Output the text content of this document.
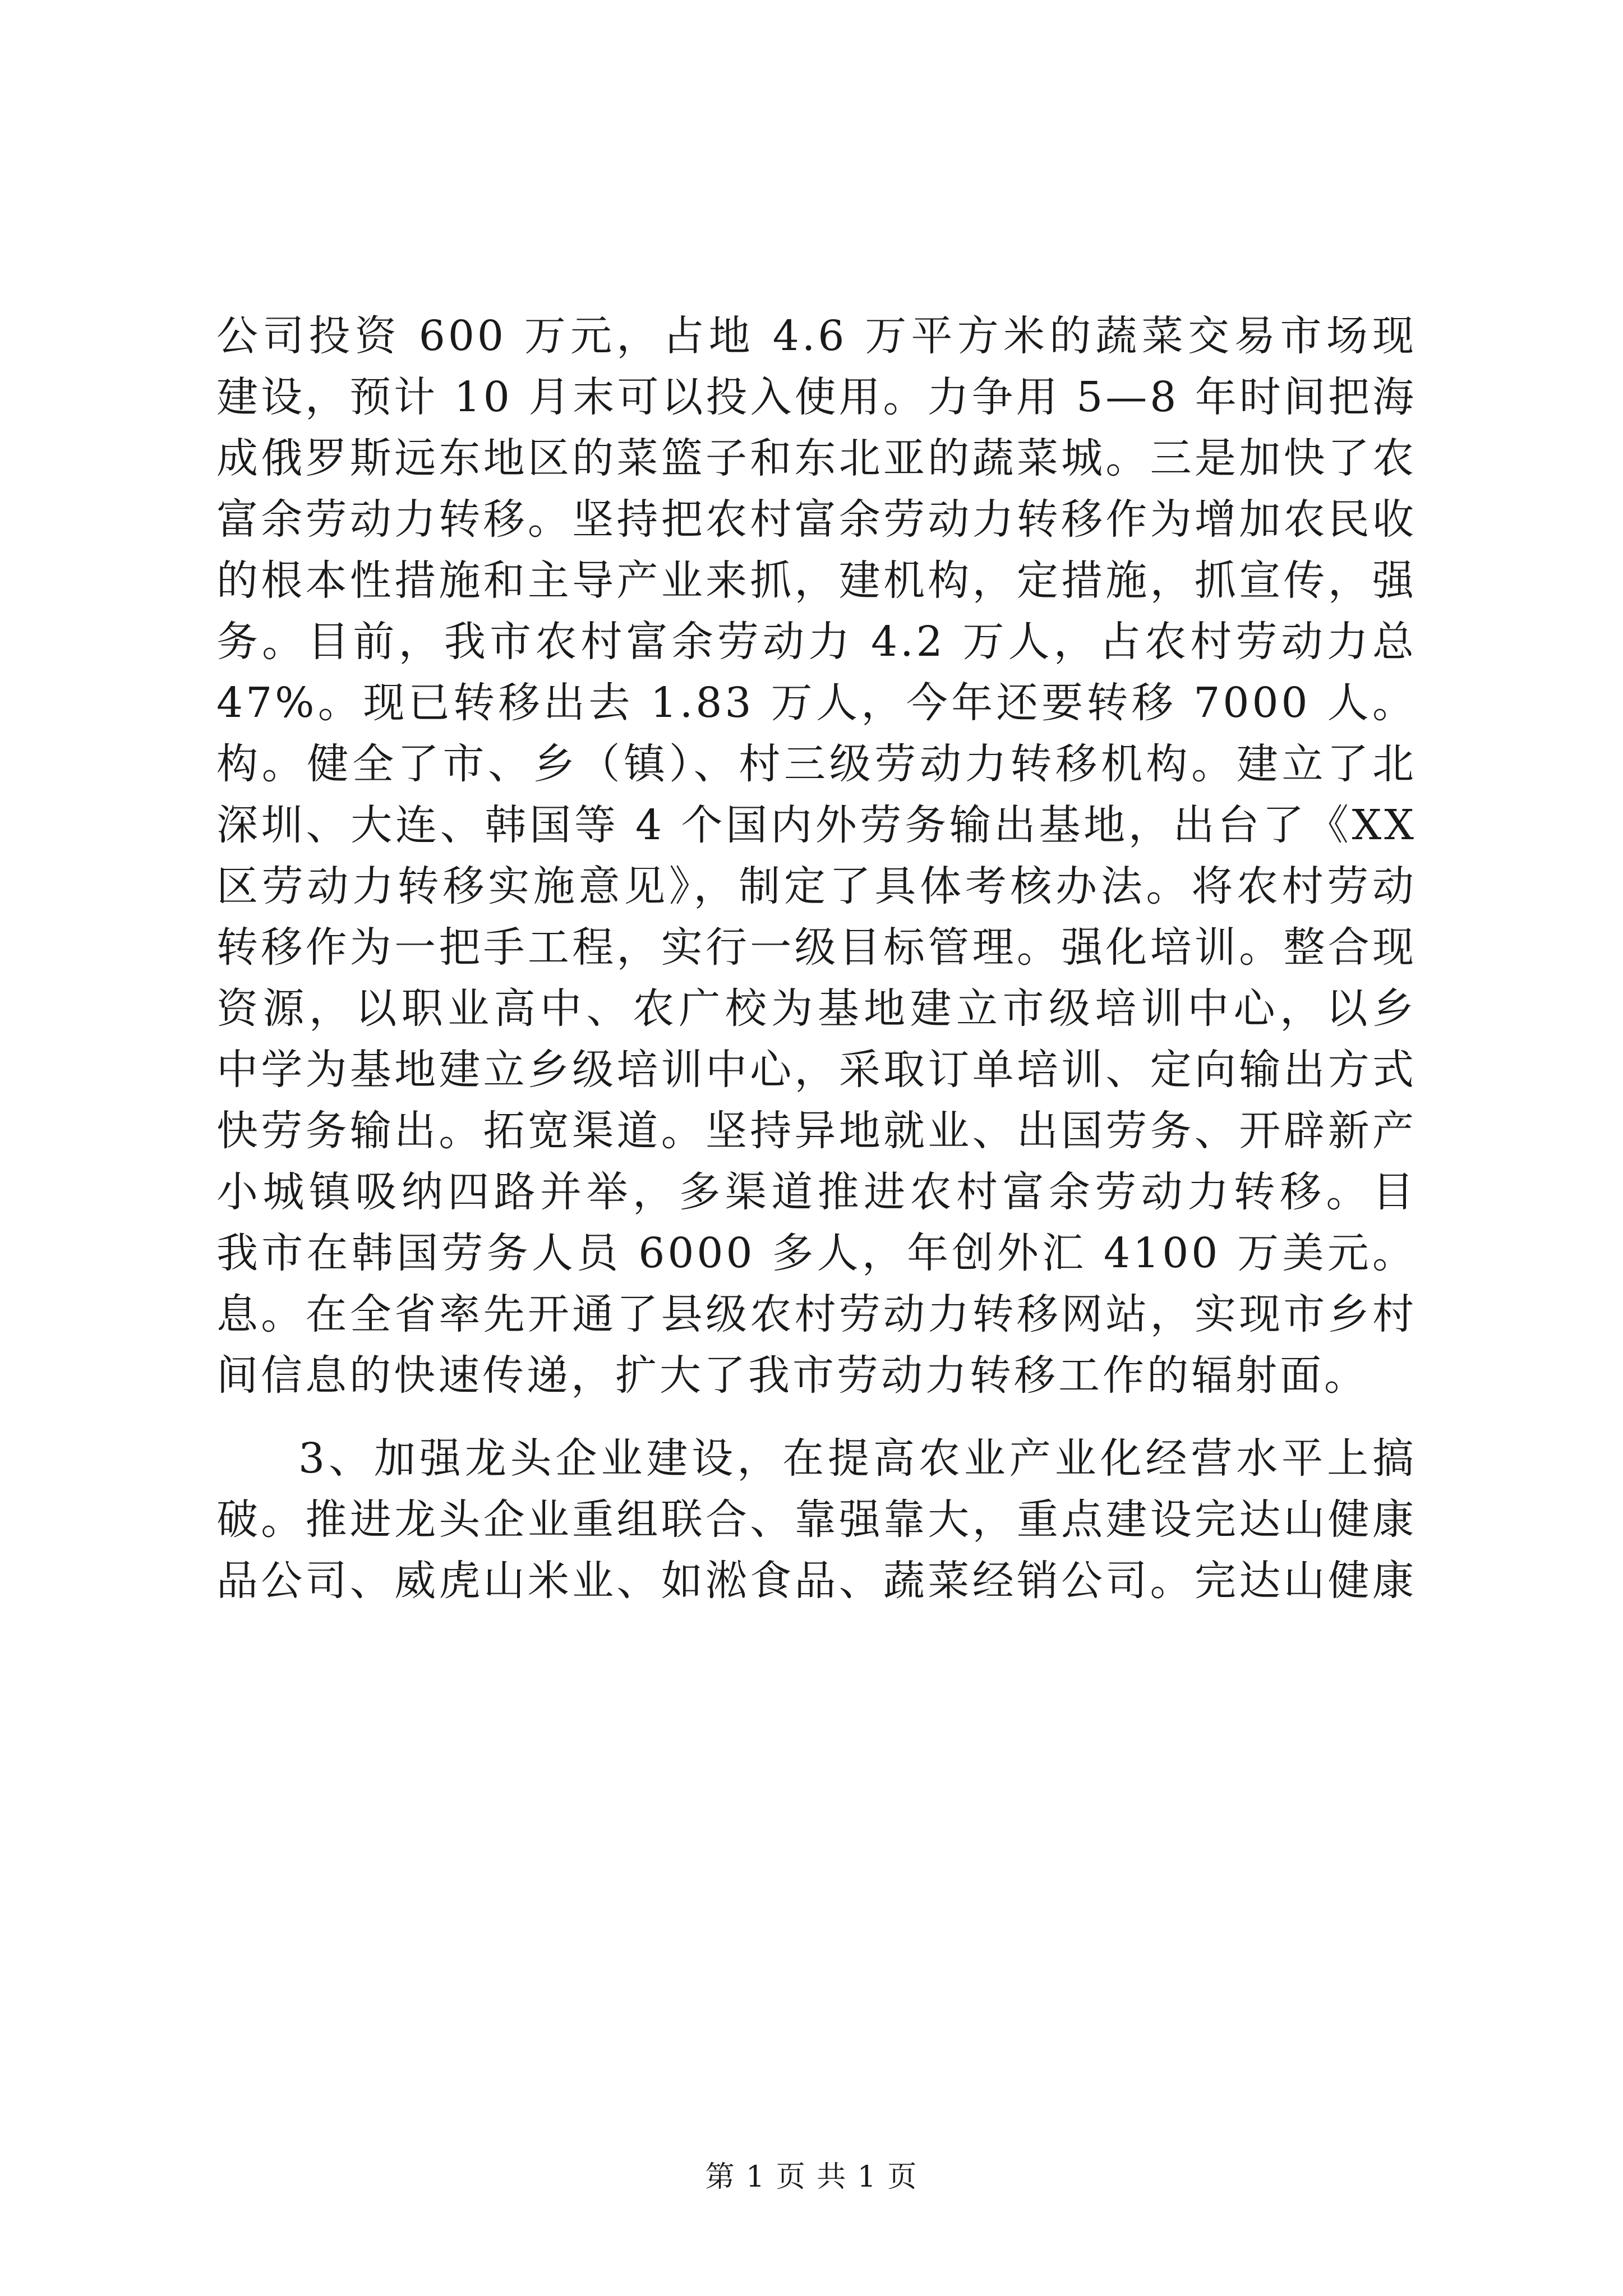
公司投资 600 万元，占地 4.6 万平方米的蔬菜交易市场现
建设，预计 10 月末可以投入使用。力争用 5—8 年时间把海
成俄罗斯远东地区的菜篮子和东北亚的蔬菜城。三是加快了农
富余劳动力转移。坚持把农村富余劳动力转移作为增加农民收
的根本性措施和主导产业来抓，建机构，定措施，抓宣传，强
务。目前，我市农村富余劳动力 4.2 万人，占农村劳动力总
47%。现已转移出去 1.83 万人，今年还要转移 7000 人。
构。健全了市、乡（镇）、村三级劳动力转移机构。建立了北
深圳、大连、韩国等 4 个国内外劳务输出基地，出台了《XX
区劳动力转移实施意见》，制定了具体考核办法。将农村劳动
转移作为一把手工程，实行一级目标管理。强化培训。整合现
资源，以职业高中、农广校为基地建立市级培训中心，以乡
中学为基地建立乡级培训中心，采取订单培训、定向输出方式
快劳务输出。拓宽渠道。坚持异地就业、出国劳务、开辟新产
小城镇吸纳四路并举，多渠道推进农村富余劳动力转移。目
我市在韩国劳务人员 6000 多人，年创外汇 4100 万美元。
息。在全省率先开通了县级农村劳动力转移网站，实现市乡村
间信息的快速传递，扩大了我市劳动力转移工作的辐射面。
3、加强龙头企业建设，在提高农业产业化经营水平上搞
破。推进龙头企业重组联合、靠强靠大，重点建设完达山健康
品公司、威虎山米业、如淞食品、蔬菜经销公司。完达山健康
第 1 页 共 1 页
